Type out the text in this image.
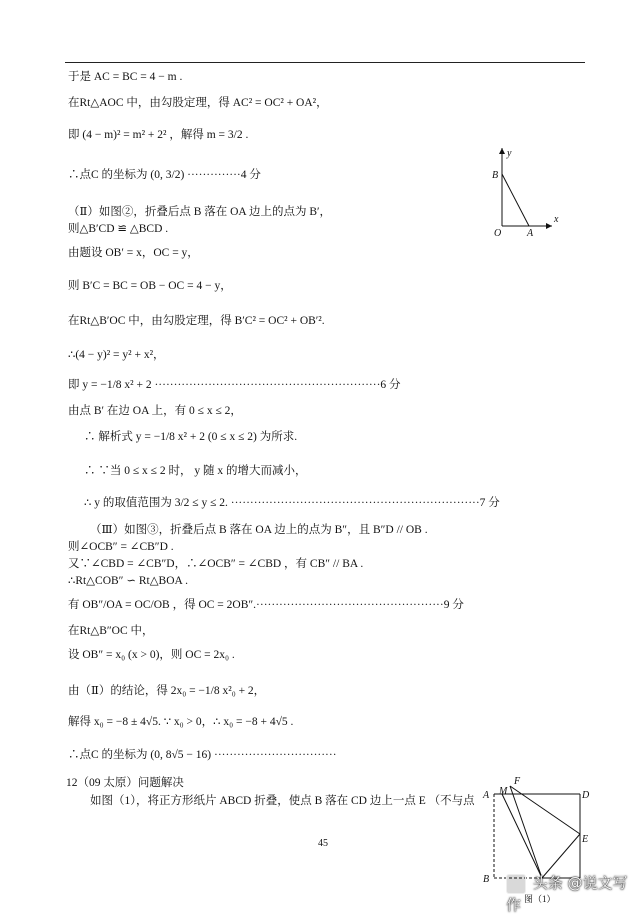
于是 AC = BC = 4 − m .
在Rt△AOC 中，由勾股定理，得 AC² = OC² + OA²，
即 (4 − m)² = m² + 2² ，解得 m = 3/2 .
∴点C 的坐标为 (0, 3/2) ··············4 分
（Ⅱ）如图②，折叠后点 B 落在 OA 边上的点为 B′，
则△B′CD ≌ △BCD .
由题设 OB′ = x，OC = y，
则 B′C = BC = OB − OC = 4 − y，
在Rt△B′OC 中，由勾股定理，得 B′C² = OC² + OB′².
∴(4 − y)² = y² + x²，
即 y = −1/8 x² + 2 ···························································6 分
由点 B′ 在边 OA 上，有 0 ≤ x ≤ 2，
∴ 解析式 y = −1/8 x² + 2 (0 ≤ x ≤ 2) 为所求.
∴ ∵当 0 ≤ x ≤ 2 时， y 随 x 的增大而减小，
∴ y 的取值范围为 3/2 ≤ y ≤ 2. ·································································7 分
（Ⅲ）如图③，折叠后点 B 落在 OA 边上的点为 B″，且 B″D // OB .
则∠OCB″ = ∠CB″D .
又∵∠CBD = ∠CB″D，∴∠OCB″ = ∠CBD ，有 CB″ // BA .
∴Rt△COB″ ∽ Rt△BOA .
有 OB″/OA = OC/OB ，得 OC = 2OB″.·················································9 分
在Rt△B″OC 中，
设 OB″ = x₀ (x > 0)，则 OC = 2x₀ .
由（Ⅱ）的结论，得 2x₀ = −1/8 x²₀ + 2，
解得 x₀ = −8 ± 4√5. ∵ x₀ > 0，∴ x₀ = −8 + 4√5 .
∴点C 的坐标为 (0, 8√5 − 16) ································
12（09 太原）问题解决
如图（1），将正方形纸片 ABCD 折叠，使点 B 落在 CD 边上一点 E （不与点
y
B
O	A
x
A M
F
D
E
B
图（1）
45
头条 @说文写作
